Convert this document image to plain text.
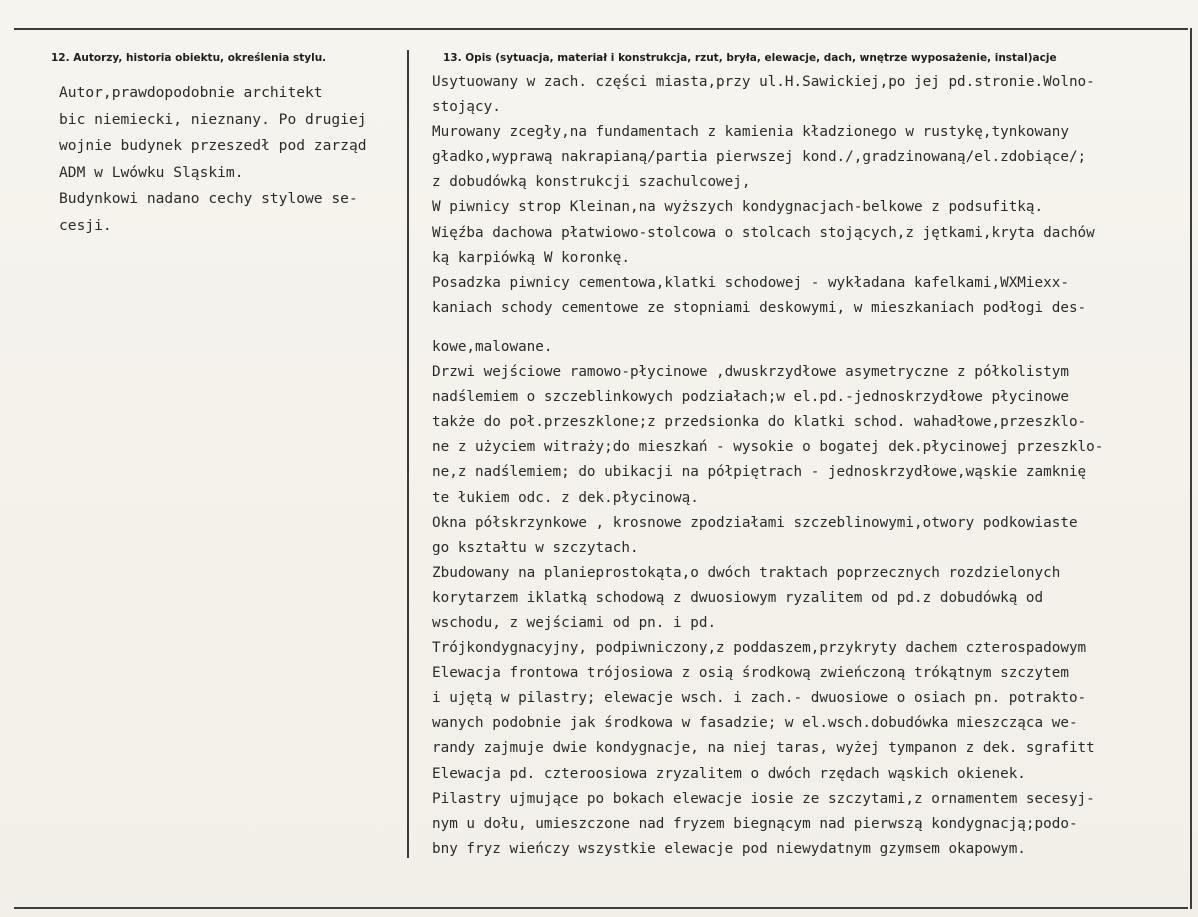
12. Autorzy, historia obiektu, określenia stylu.	13. Opis (sytuacja, materiał i konstrukcja, rzut, bryła, elewacje, dach, wnętrze wyposażenie, instal)acje
Autor,prawdopodobnie architekt
bic niemiecki, nieznany. Po drugiej
wojnie budynek przeszedł pod zarząd
ADM w Lwówku Sląskim.
Budynkowi nadano cechy stylowe se-
cesji.
Usytuowany w zach. części miasta,przy ul.H.Sawickiej,po jej pd.stronie.Wolno-
stojący.
Murowany zcegły,na fundamentach z kamienia kładzionego w rustykę,tynkowany
gładko,wyprawą nakrapianą/partia pierwszej kond./,gradzinowaną/el.zdobiące/;
z dobudówką konstrukcji szachulcowej,
W piwnicy strop Kleinan,na wyższych kondygnacjach-belkowe z podsufitką.
Więźba dachowa płatwiowo-stolcowa o stolcach stojących,z jętkami,kryta dachów
ką karpiówką W koronkę.
Posadzka piwnicy cementowa,klatki schodowej - wykładana kafelkami,WXMiexx-
kaniach schody cementowe ze stopniami deskowymi, w mieszkaniach podłogi des-
kowe,malowane.
Drzwi wejściowe ramowo-płycinowe ,dwuskrzydłowe asymetryczne z półkolistym
nadślemiem o szczeblinkowych podziałach;w el.pd.-jednoskrzydłowe płycinowe
także do poł.przeszklone;z przedsionka do klatki schod. wahadłowe,przeszklo-
ne z użyciem witraży;do mieszkań - wysokie o bogatej dek.płycinowej przeszklo-
ne,z nadślemiem; do ubikacji na półpiętrach - jednoskrzydłowe,wąskie zamknię
te łukiem odc. z dek.płycinową.
Okna półskrzynkowe , krosnowe zpodziałami szczeblinowymi,otwory podkowiaste
go kształtu w szczytach.
Zbudowany na planieprostokąta,o dwóch traktach poprzecznych rozdzielonych
korytarzem iklatką schodową z dwuosiowym ryzalitem od pd.z dobudówką od
wschodu, z wejściami od pn. i pd.
Trójkondygnacyjny, podpiwniczony,z poddaszem,przykryty dachem czterospadowym
Elewacja frontowa trójosiowa z osią środkową zwieńczoną trókątnym szczytem
i ujętą w pilastry; elewacje wsch. i zach.- dwuosiowe o osiach pn. potrakto-
wanych podobnie jak środkowa w fasadzie; w el.wsch.dobudówka mieszcząca we-
randy zajmuje dwie kondygnacje, na niej taras, wyżej tympanon z dek. sgrafitt
Elewacja pd. czteroosiowa zryzalitem o dwóch rzędach wąskich okienek.
Pilastry ujmujące po bokach elewacje iosie ze szczytami,z ornamentem secesyj-
nym u dołu, umieszczone nad fryzem biegnącym nad pierwszą kondygnacją;podo-
bny fryz wieńczy wszystkie elewacje pod niewydatnym gzymsem okapowym.
